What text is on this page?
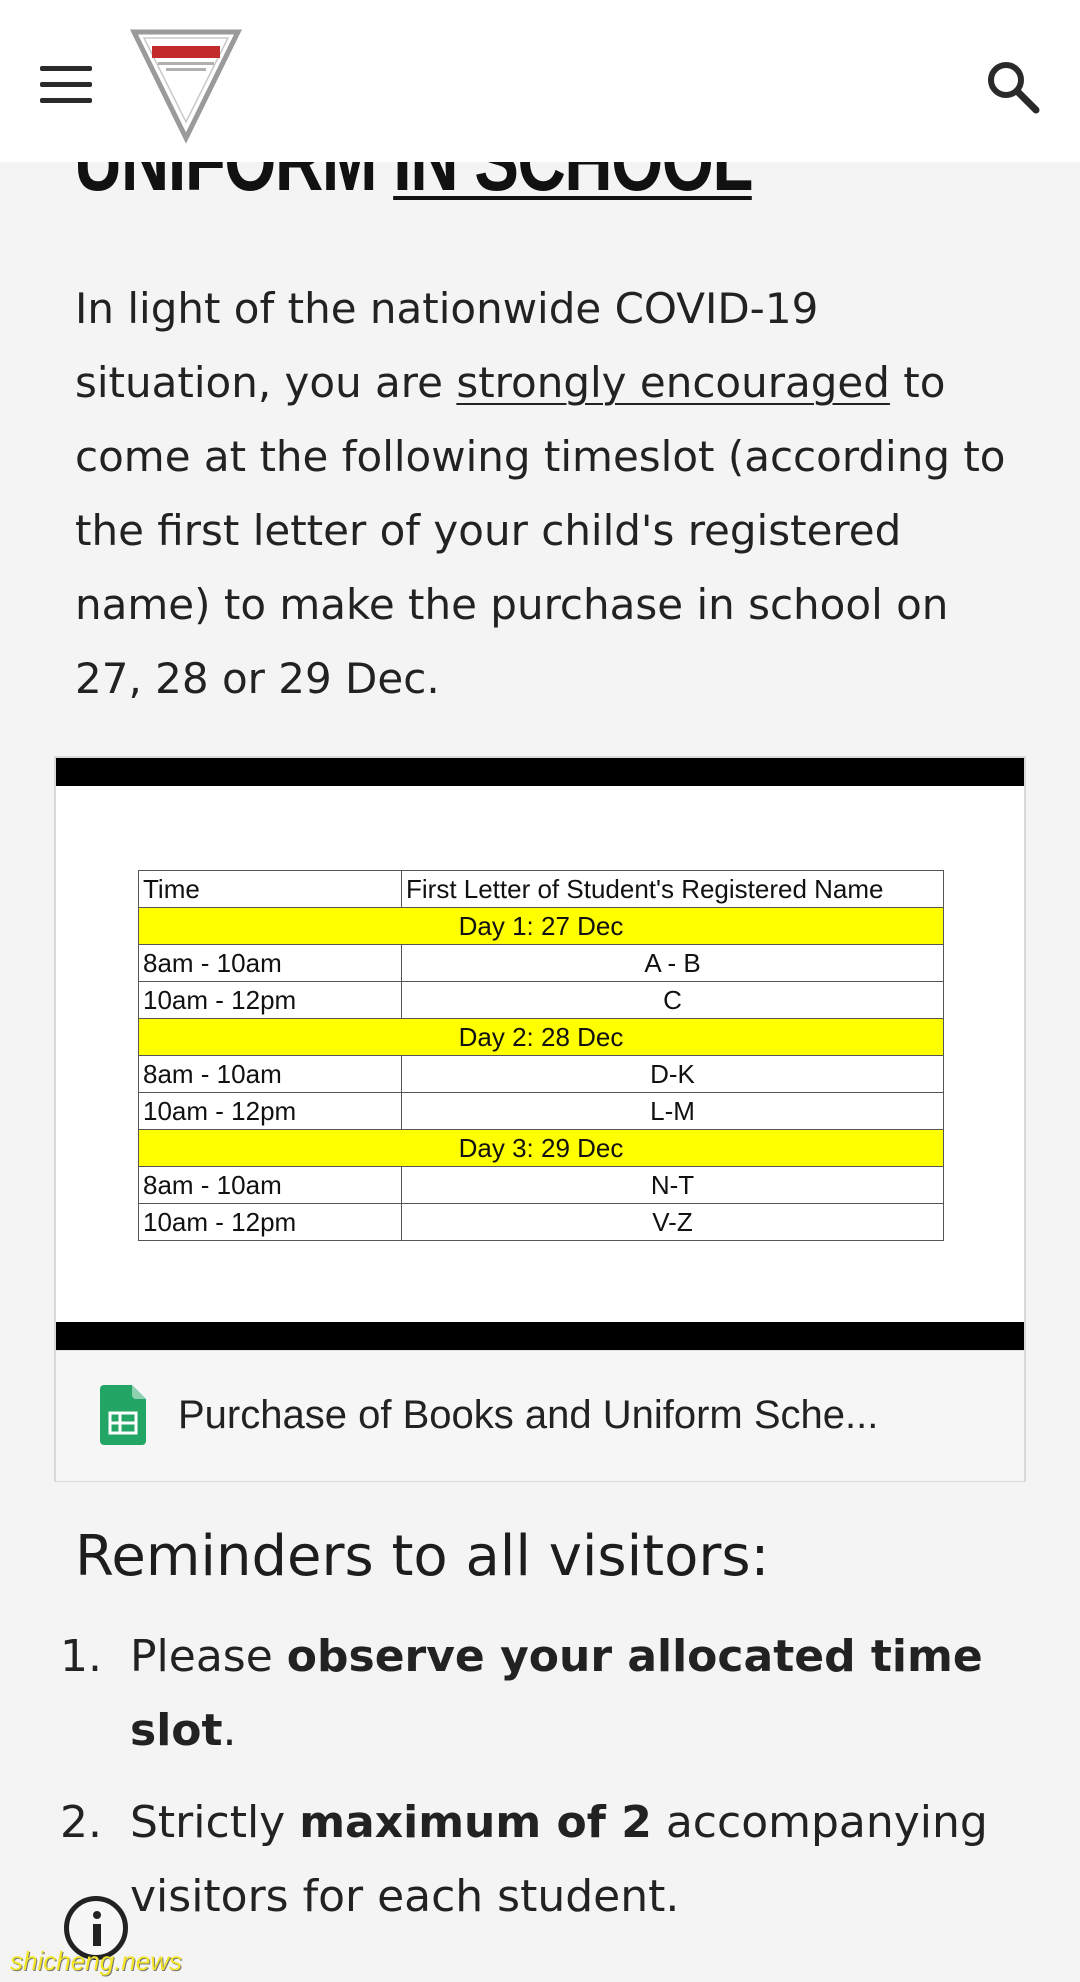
In light of the nationwide COVID-19 situation, you are strongly encouraged to come at the following timeslot (according to the first letter of your child's registered name) to make the purchase in school on 27, 28 or 29 Dec.

Time	First Letter of Student's Registered Name
Day 1: 27 Dec	
8am - 10am	A - B
10am - 12pm	C
Day 2: 28 Dec	
8am - 10am	D-K
10am - 12pm	L-M
Day 3: 29 Dec	
8am - 10am	N-T
10am - 12pm	V-Z
Purchase of Books and Uniform Sche...
Reminders to all visitors:
1. Please observe your allocated time slot.
2. Strictly maximum of 2 accompanying visitors for each student.
shicheng.news
